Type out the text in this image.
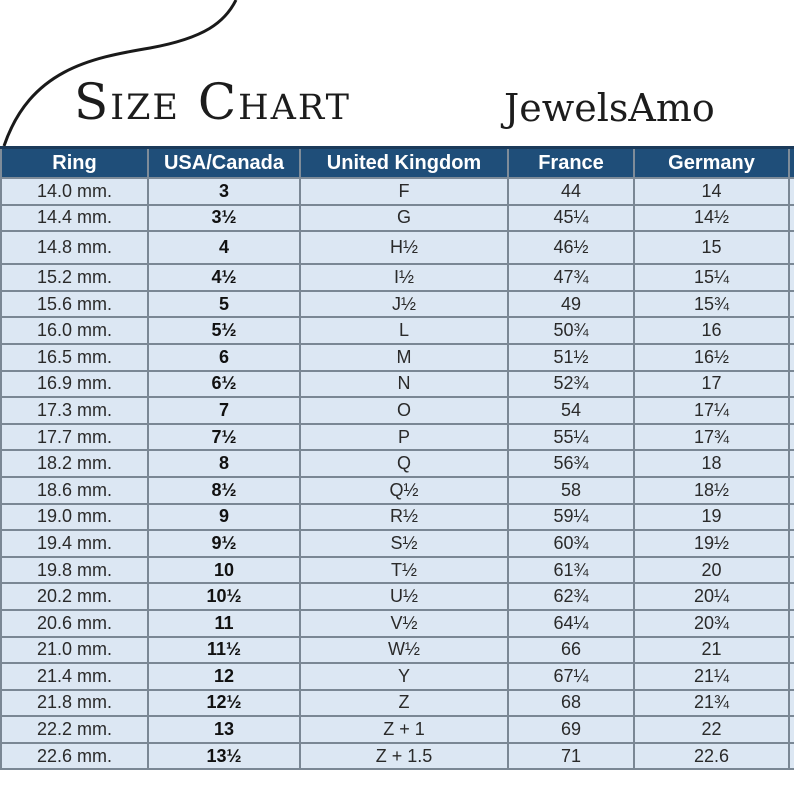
Size Chart	JewelsAmo
Ring	USA/Canada	United Kingdom	France	Germany	
14.0 mm.	3	F	44	14	
14.4 mm.	3½	G	45¼	14½	
14.8 mm.	4	H½	46½	15	
15.2 mm.	4½	I½	47¾	15¼	
15.6 mm.	5	J½	49	15¾	
16.0 mm.	5½	L	50¾	16	
16.5 mm.	6	M	51½	16½	
16.9 mm.	6½	N	52¾	17	
17.3 mm.	7	O	54	17¼	
17.7 mm.	7½	P	55¼	17¾	
18.2 mm.	8	Q	56¾	18	
18.6 mm.	8½	Q½	58	18½	
19.0 mm.	9	R½	59¼	19	
19.4 mm.	9½	S½	60¾	19½	
19.8 mm.	10	T½	61¾	20	
20.2 mm.	10½	U½	62¾	20¼	
20.6 mm.	11	V½	64¼	20¾	
21.0 mm.	11½	W½	66	21	
21.4 mm.	12	Y	67¼	21¼	
21.8 mm.	12½	Z	68	21¾	
22.2 mm.	13	Z + 1	69	22	
22.6 mm.	13½	Z + 1.5	71	22.6	
